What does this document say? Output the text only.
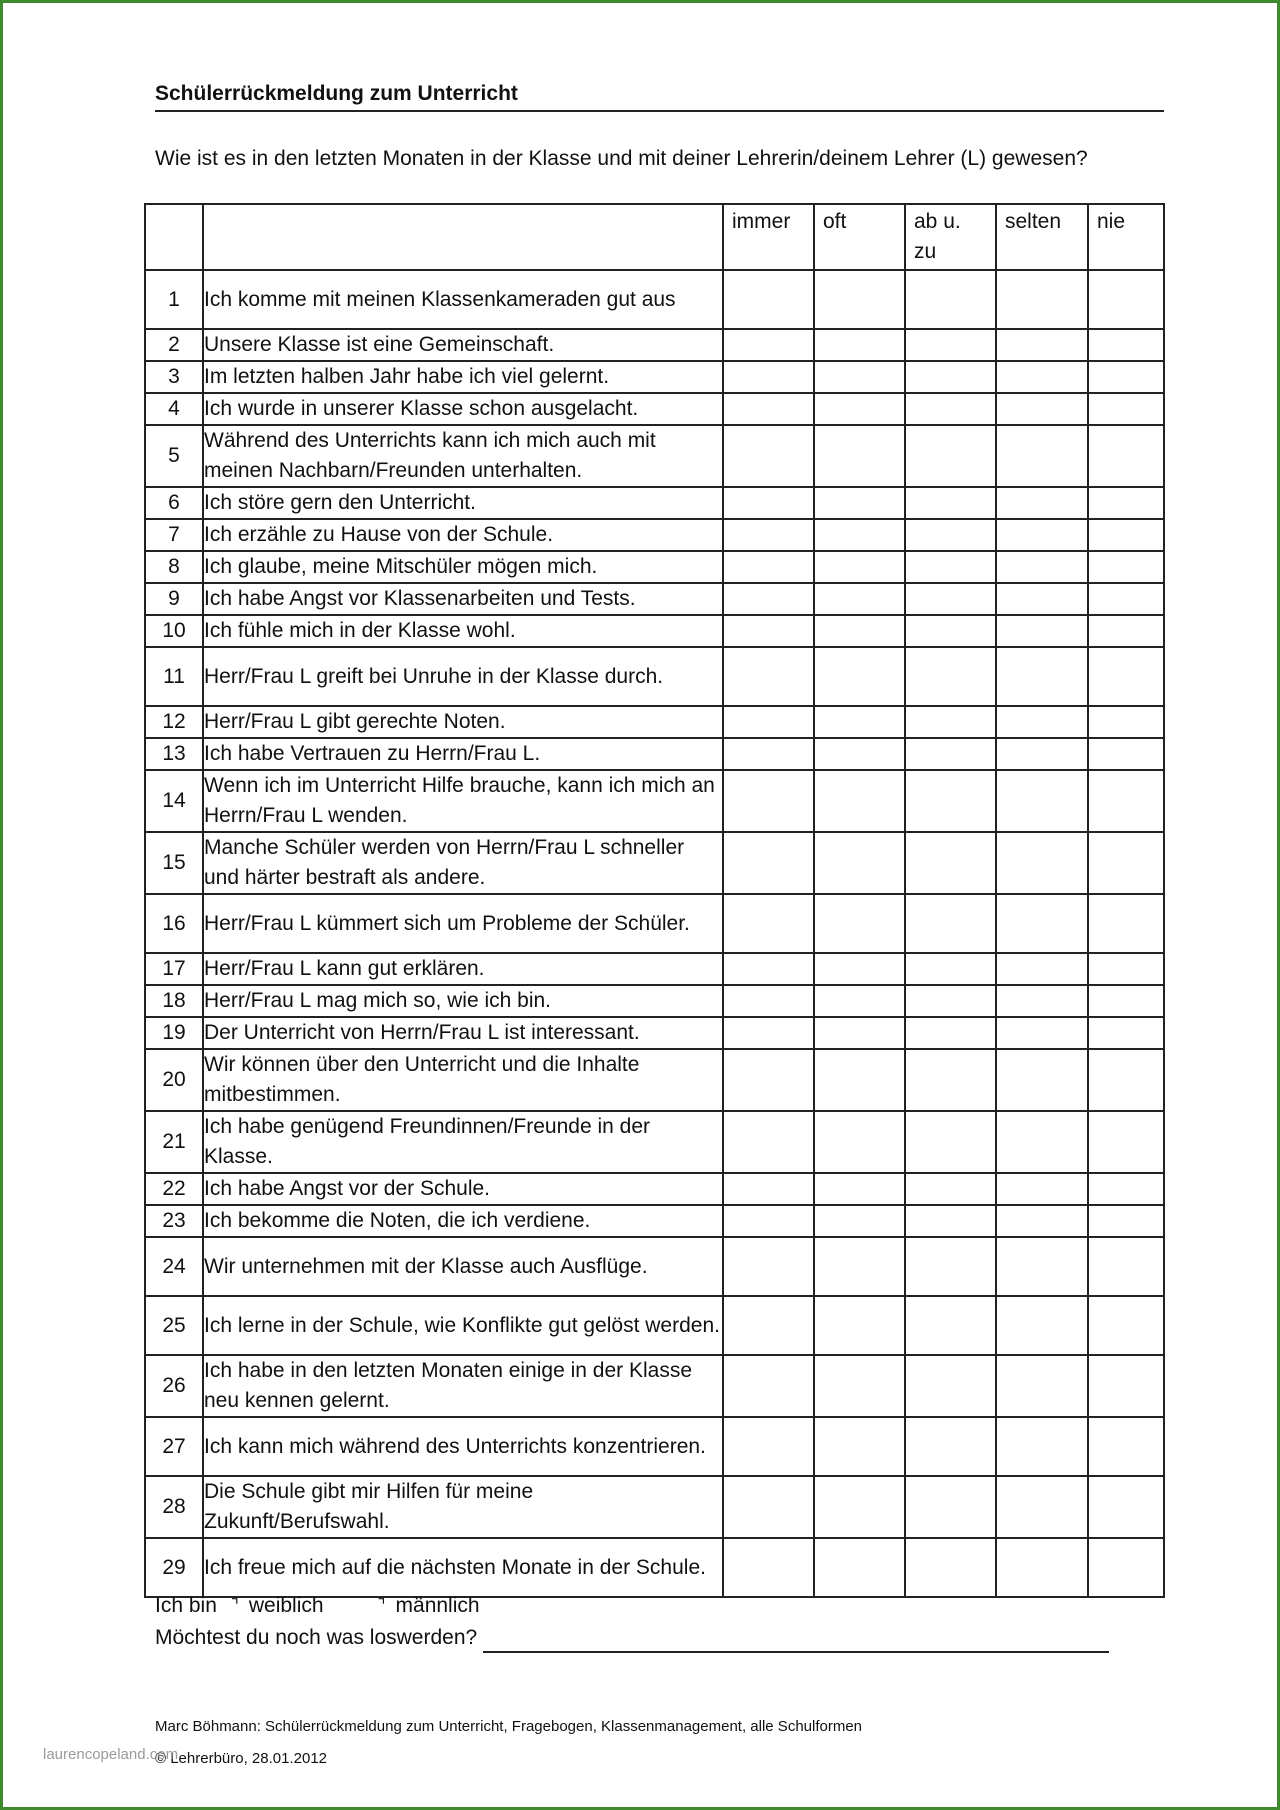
Schülerrückmeldung zum Unterricht
Wie ist es in den letzten Monaten in der Klasse und mit deiner Lehrerin/deinem Lehrer (L) gewesen?
		immer	oft	ab u. zu	selten	nie
1	Ich komme mit meinen Klassenkameraden gut aus					
2	Unsere Klasse ist eine Gemeinschaft.					
3	Im letzten halben Jahr habe ich viel gelernt.					
4	Ich wurde in unserer Klasse schon ausgelacht.					
5	Während des Unterrichts kann ich mich auch mit meinen Nachbarn/Freunden unterhalten.					
6	Ich störe gern den Unterricht.					
7	Ich erzähle zu Hause von der Schule.					
8	Ich glaube, meine Mitschüler mögen mich.					
9	Ich habe Angst vor Klassenarbeiten und Tests.					
10	Ich fühle mich in der Klasse wohl.					
11	Herr/Frau L greift bei Unruhe in der Klasse durch.					
12	Herr/Frau L gibt gerechte Noten.					
13	Ich habe Vertrauen zu Herrn/Frau L.					
14	Wenn ich im Unterricht Hilfe brauche, kann ich mich an Herrn/Frau L wenden.					
15	Manche Schüler werden von Herrn/Frau L schneller und härter bestraft als andere.					
16	Herr/Frau L kümmert sich um Probleme der Schüler.					
17	Herr/Frau L kann gut erklären.					
18	Herr/Frau L mag mich so, wie ich bin.					
19	Der Unterricht von Herrn/Frau L ist interessant.					
20	Wir können über den Unterricht und die Inhalte mitbestimmen.					
21	Ich habe genügend Freundinnen/Freunde in der Klasse.					
22	Ich habe Angst vor der Schule.					
23	Ich bekomme die Noten, die ich verdiene.					
24	Wir unternehmen mit der Klasse auch Ausflüge.					
25	Ich lerne in der Schule, wie Konflikte gut gelöst werden.					
26	Ich habe in den letzten Monaten einige in der Klasse neu kennen gelernt.					
27	Ich kann mich während des Unterrichts konzentrieren.					
28	Die Schule gibt mir Hilfen für meine Zukunft/Berufswahl.					
29	Ich freue mich auf die nächsten Monate in der Schule.					
Ich bin ⌝ weiblich	⌝ männlich
Möchtest du noch was loswerden?
Marc Böhmann: Schülerrückmeldung zum Unterricht, Fragebogen, Klassenmanagement, alle Schulformen
© Lehrerbüro, 28.01.2012
laurencopeland.com
